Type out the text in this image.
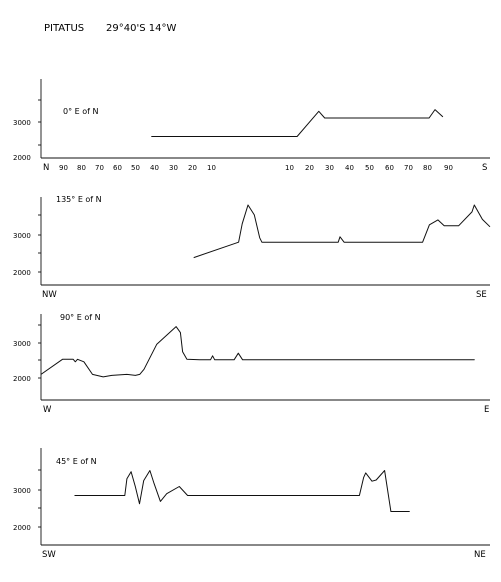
PITATUS 29°40'S 14°W
0° E of N
3000
2000
N 90 80 70 60 50 40 30 20 10	10 20 30 40 50 60 70 80 90	S
135° E of N
3000
2000
NW	SE
90° E of N
3000
2000
W	E
45° E of N
3000
2000
SW	NE
